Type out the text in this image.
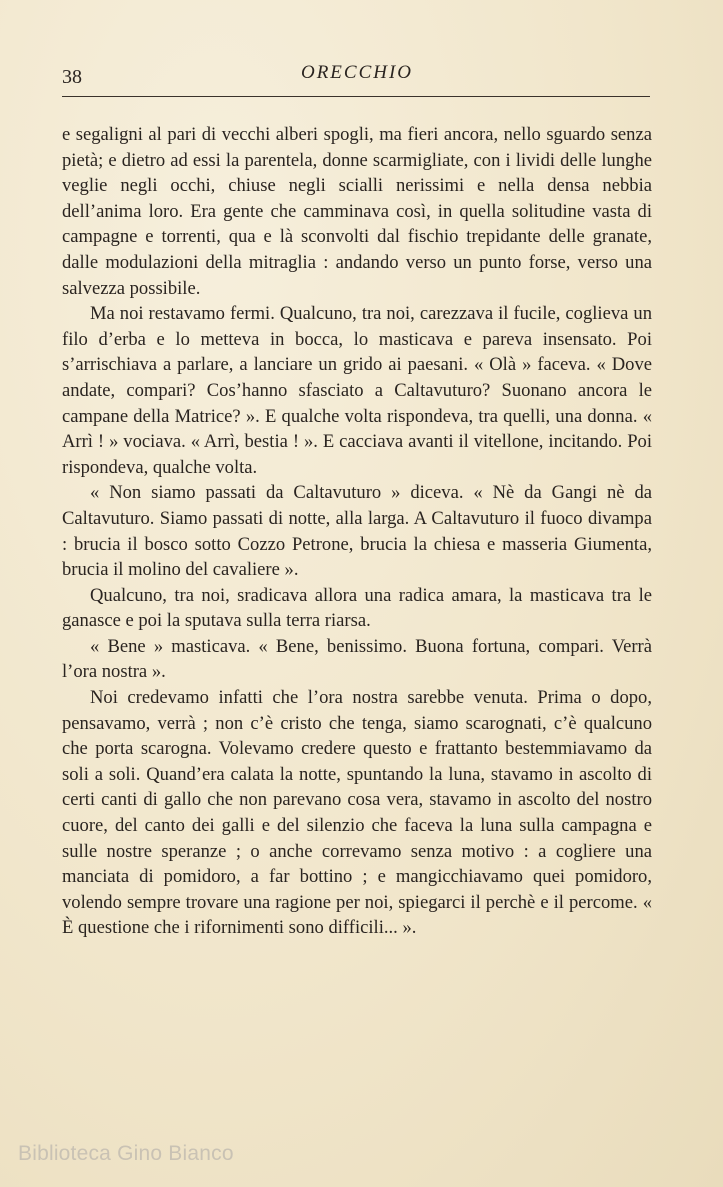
38	ORECCHIO

e segaligni al pari di vecchi alberi spogli, ma fieri ancora, nello sguardo senza pietà; e dietro ad essi la parentela, donne scarmigliate, con i lividi delle lunghe veglie negli occhi, chiuse negli scialli nerissimi e nella densa nebbia dell’anima loro. Era gente che camminava così, in quella solitudine vasta di campagne e torrenti, qua e là sconvolti dal fischio trepidante delle granate, dalle modulazioni della mitraglia : andando verso un punto forse, verso una salvezza possibile.

Ma noi restavamo fermi. Qualcuno, tra noi, carezzava il fucile, coglieva un filo d’erba e lo metteva in bocca, lo masticava e pareva insensato. Poi s’arrischiava a parlare, a lanciare un grido ai paesani. « Olà » faceva. « Dove andate, compari? Cos’hanno sfasciato a Caltavuturo? Suonano ancora le campane della Matrice? ». E qualche volta rispondeva, tra quelli, una donna. « Arrì ! » vociava. « Arrì, bestia ! ». E cacciava avanti il vitellone, incitando. Poi rispondeva, qualche volta.

« Non siamo passati da Caltavuturo » diceva. « Nè da Gangi nè da Caltavuturo. Siamo passati di notte, alla larga. A Caltavuturo il fuoco divampa : brucia il bosco sotto Cozzo Petrone, brucia la chiesa e masseria Giumenta, brucia il molino del cavaliere ».

Qualcuno, tra noi, sradicava allora una radica amara, la masticava tra le ganasce e poi la sputava sulla terra riarsa.

« Bene » masticava. « Bene, benissimo. Buona fortuna, compari. Verrà l’ora nostra ».

Noi credevamo infatti che l’ora nostra sarebbe venuta. Prima o dopo, pensavamo, verrà ; non c’è cristo che tenga, siamo scarognati, c’è qualcuno che porta scarogna. Volevamo credere questo e frattanto bestemmiavamo da soli a soli. Quand’era calata la notte, spuntando la luna, stavamo in ascolto di certi canti di gallo che non parevano cosa vera, stavamo in ascolto del nostro cuore, del canto dei galli e del silenzio che faceva la luna sulla campagna e sulle nostre speranze ; o anche correvamo senza motivo : a cogliere una manciata di pomidoro, a far bottino ; e mangicchiavamo quei pomidoro, volendo sempre trovare una ragione per noi, spiegarci il perchè e il percome. « È questione che i rifornimenti sono difficili... ».

Biblioteca Gino Bianco
